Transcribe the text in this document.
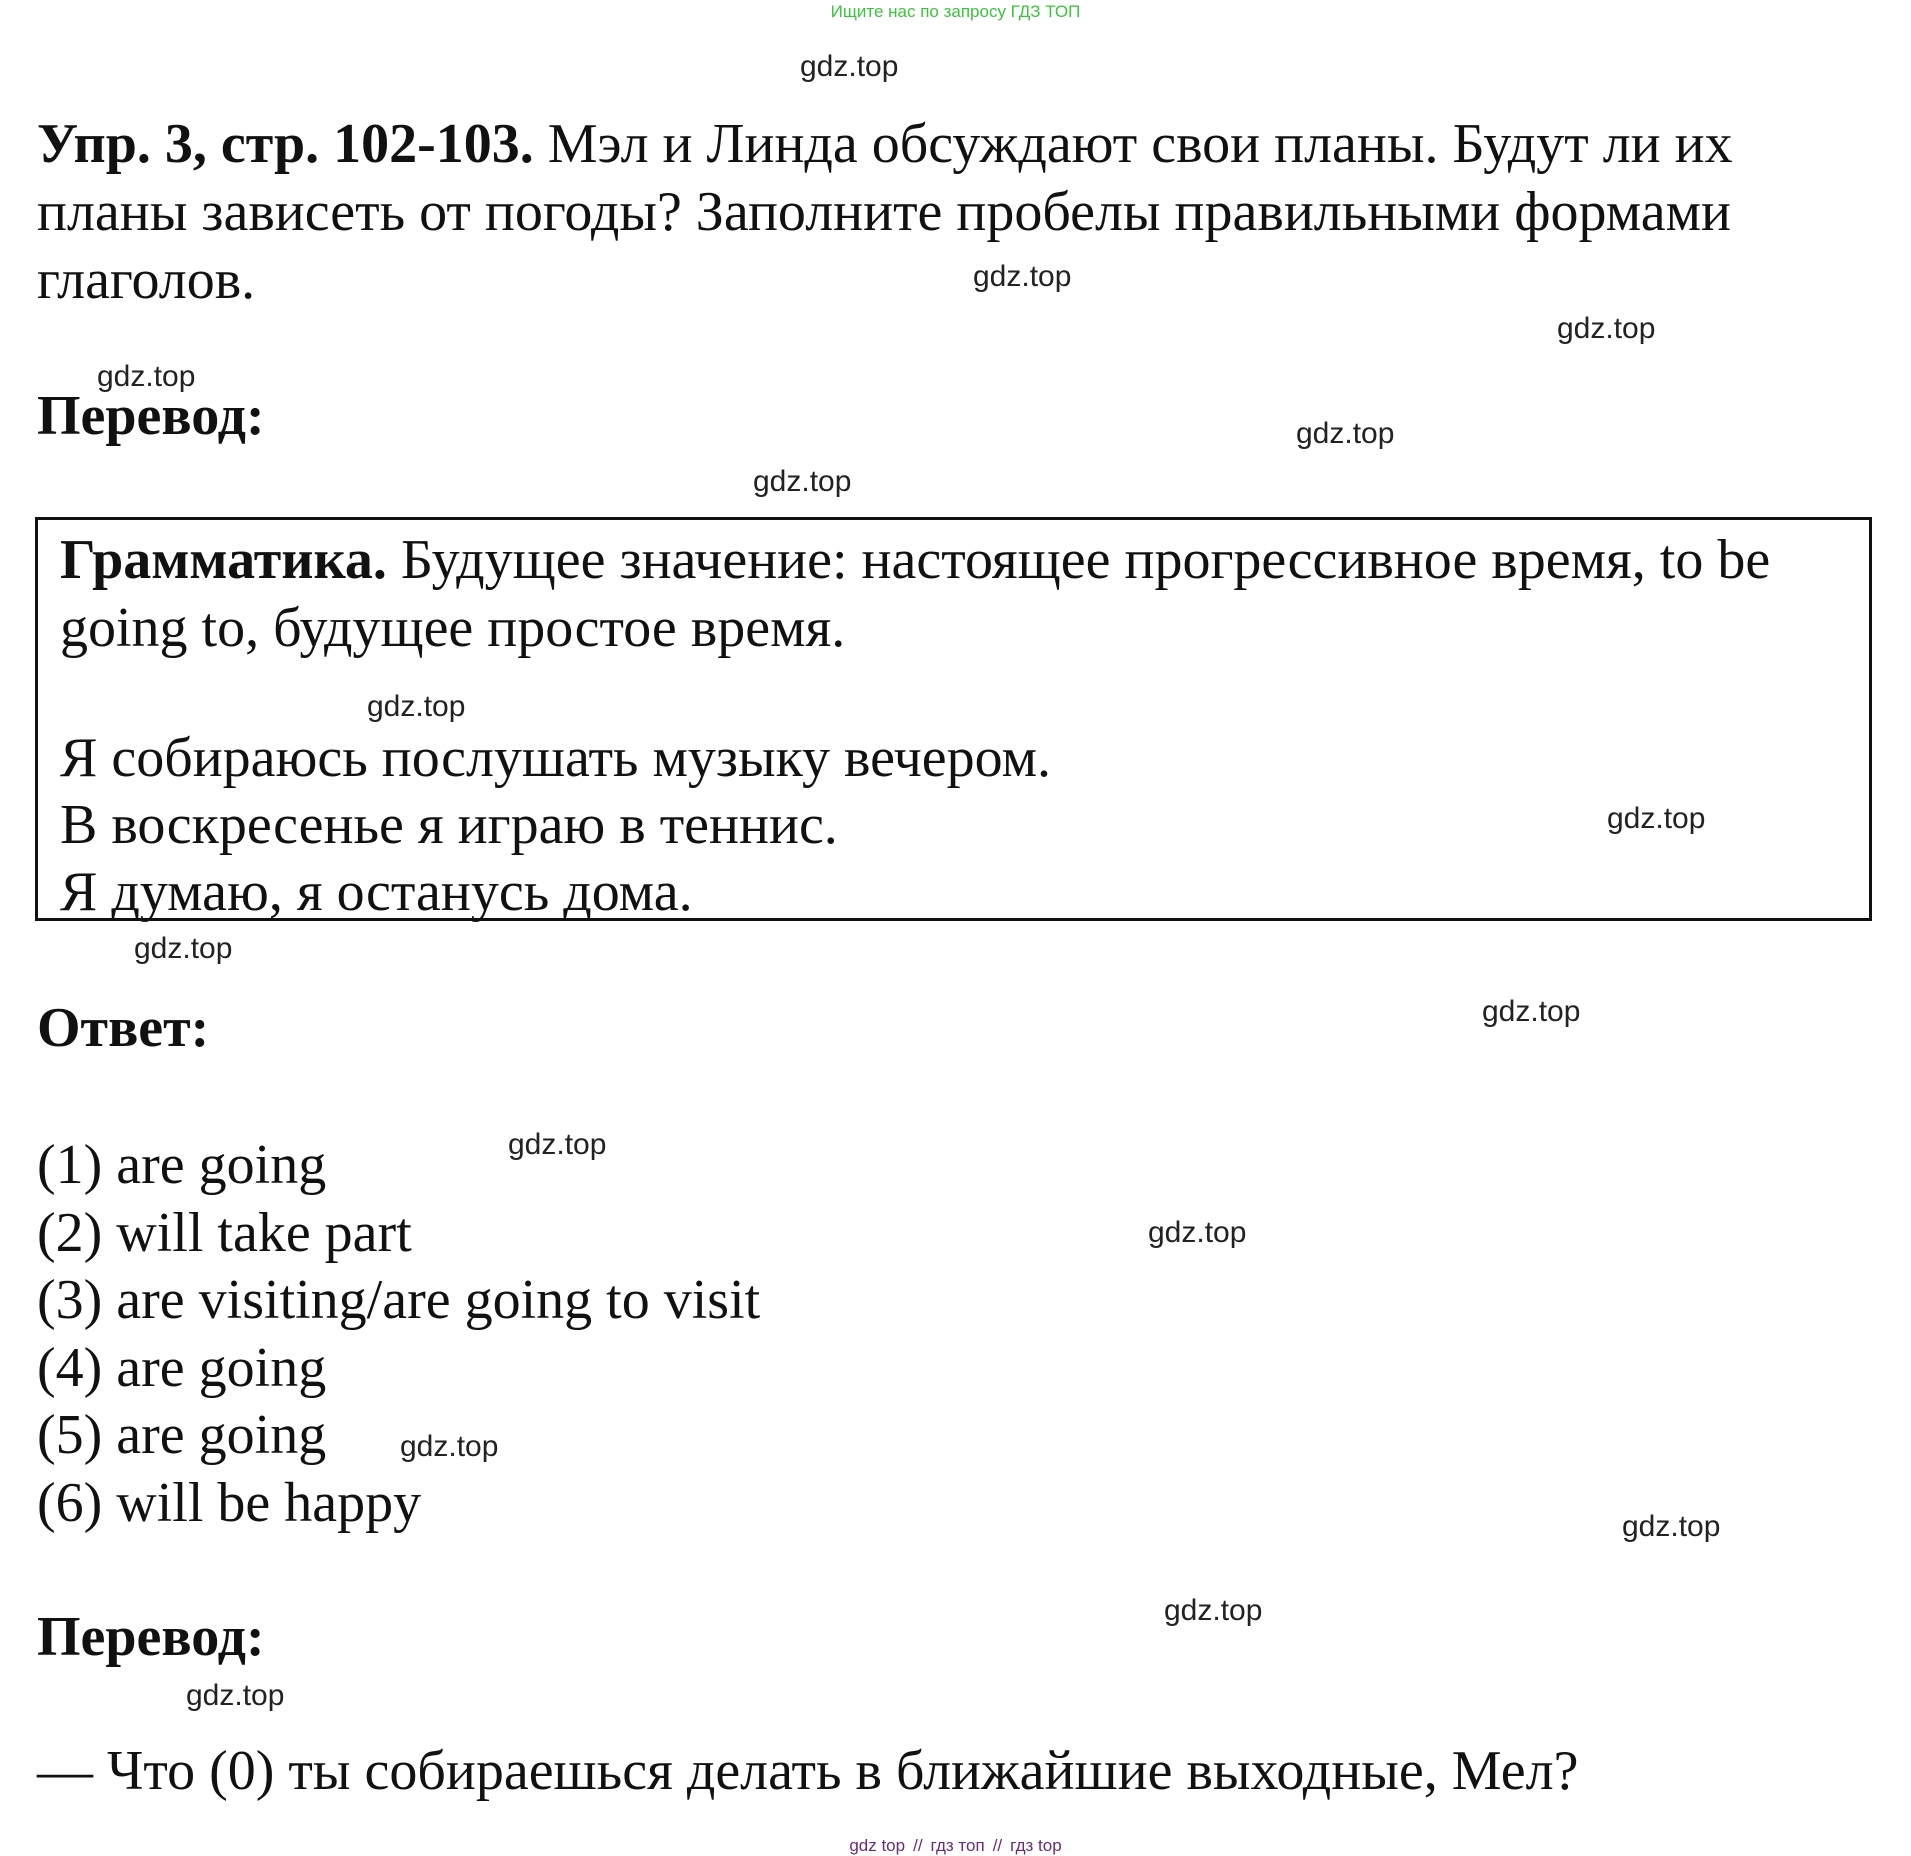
Ищите нас по запросу ГДЗ ТОП
gdz.top
Упр. 3, стр. 102-103. Мэл и Линда обсуждают свои планы. Будут ли их планы зависеть от погоды? Заполните пробелы правильными формами глаголов.	gdz.top
gdz.top
gdz.top
Перевод:	gdz.top
gdz.top
Грамматика. Будущее значение: настоящее прогрессивное время, to be going to, будущее простое время.
Я собираюсь послушать музыку вечером.
В воскресенье я играю в теннис.
Я думаю, я останусь дома.
gdz.top
gdz.top
gdz.top
Ответ:	gdz.top
(1) are going
(2) will take part
(3) are visiting/are going to visit
(4) are going
(5) are going
(6) will be happy
gdz.top
gdz.top
gdz.top
gdz.top
Перевод:	gdz.top
gdz.top
— Что (0) ты собираешься делать в ближайшие выходные, Мел?
gdz top // гдз топ // гдз top
